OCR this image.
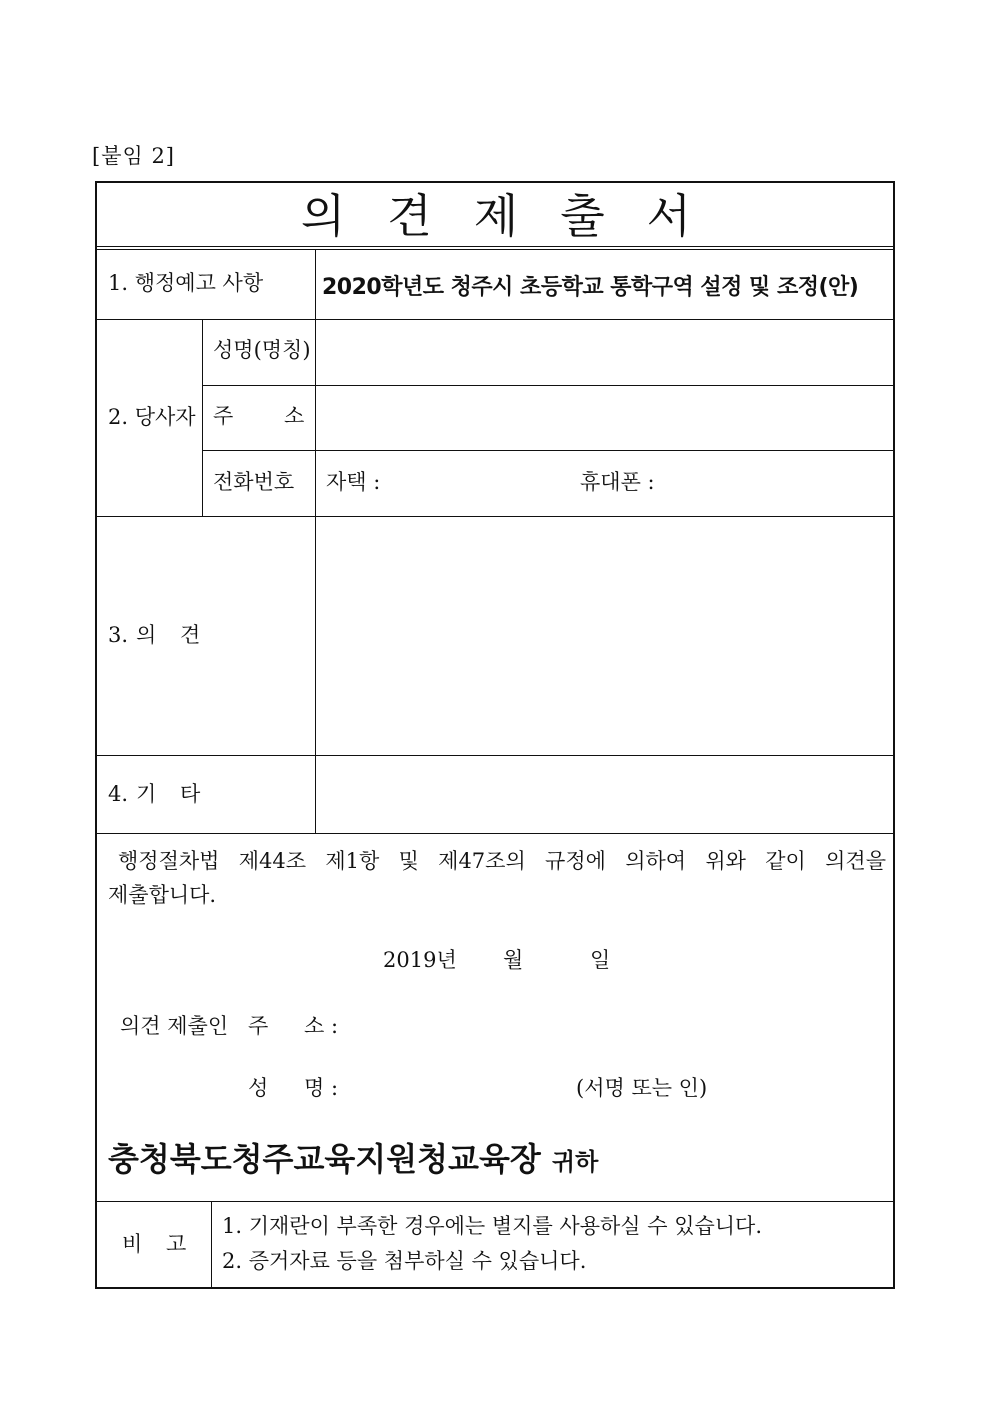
[붙임 2]
의견제출서
1. 행정예고 사항	2020학년도 청주시 초등학교 통학구역 설정 및 조정(안)
2. 당사자
성명(명칭)
주 소
전화번호 자택 :	휴대폰 :
3. 의 견
4. 기 타
행정절차법 제44조 제1항 및 제47조의 규정에 의하여 위와 같이 의견을
제출합니다.
2019년 월	일
의견 제출인 주 소 :
성 명 :	(서명 또는 인)
충청북도청주교육지원청교육장 귀하
비 고
1. 기재란이 부족한 경우에는 별지를 사용하실 수 있습니다.
2. 증거자료 등을 첨부하실 수 있습니다.
